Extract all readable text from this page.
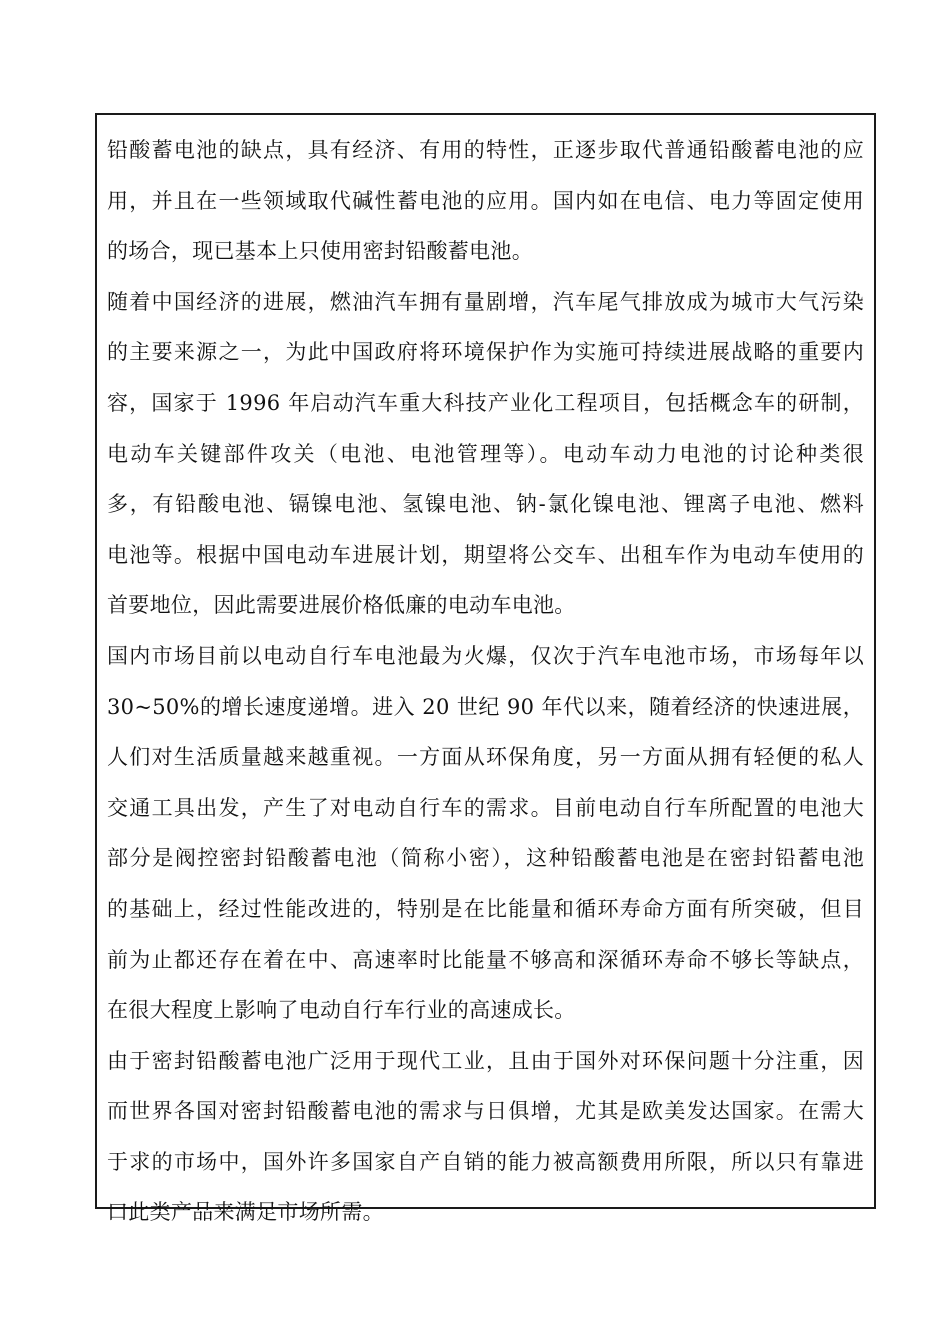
铅酸蓄电池的缺点，具有经济、有用的特性，正逐步取代普通铅酸蓄电池的应
用，并且在一些领域取代碱性蓄电池的应用。国内如在电信、电力等固定使用
的场合，现已基本上只使用密封铅酸蓄电池。
随着中国经济的进展，燃油汽车拥有量剧增，汽车尾气排放成为城市大气污染
的主要来源之一，为此中国政府将环境保护作为实施可持续进展战略的重要内
容，国家于 1996 年启动汽车重大科技产业化工程项目，包括概念车的研制，
电动车关键部件攻关（电池、电池管理等）。电动车动力电池的讨论种类很
多，有铅酸电池、镉镍电池、氢镍电池、钠-氯化镍电池、锂离子电池、燃料
电池等。根据中国电动车进展计划，期望将公交车、出租车作为电动车使用的
首要地位，因此需要进展价格低廉的电动车电池。
国内市场目前以电动自行车电池最为火爆，仅次于汽车电池市场，市场每年以
30~50%的增长速度递增。进入 20 世纪 90 年代以来，随着经济的快速进展，
人们对生活质量越来越重视。一方面从环保角度，另一方面从拥有轻便的私人
交通工具出发，产生了对电动自行车的需求。目前电动自行车所配置的电池大
部分是阀控密封铅酸蓄电池（简称小密），这种铅酸蓄电池是在密封铅蓄电池
的基础上，经过性能改进的，特别是在比能量和循环寿命方面有所突破，但目
前为止都还存在着在中、高速率时比能量不够高和深循环寿命不够长等缺点，
在很大程度上影响了电动自行车行业的高速成长。
由于密封铅酸蓄电池广泛用于现代工业，且由于国外对环保问题十分注重，因
而世界各国对密封铅酸蓄电池的需求与日俱增，尤其是欧美发达国家。在需大
于求的市场中，国外许多国家自产自销的能力被高额费用所限，所以只有靠进
口此类产品来满足市场所需。
